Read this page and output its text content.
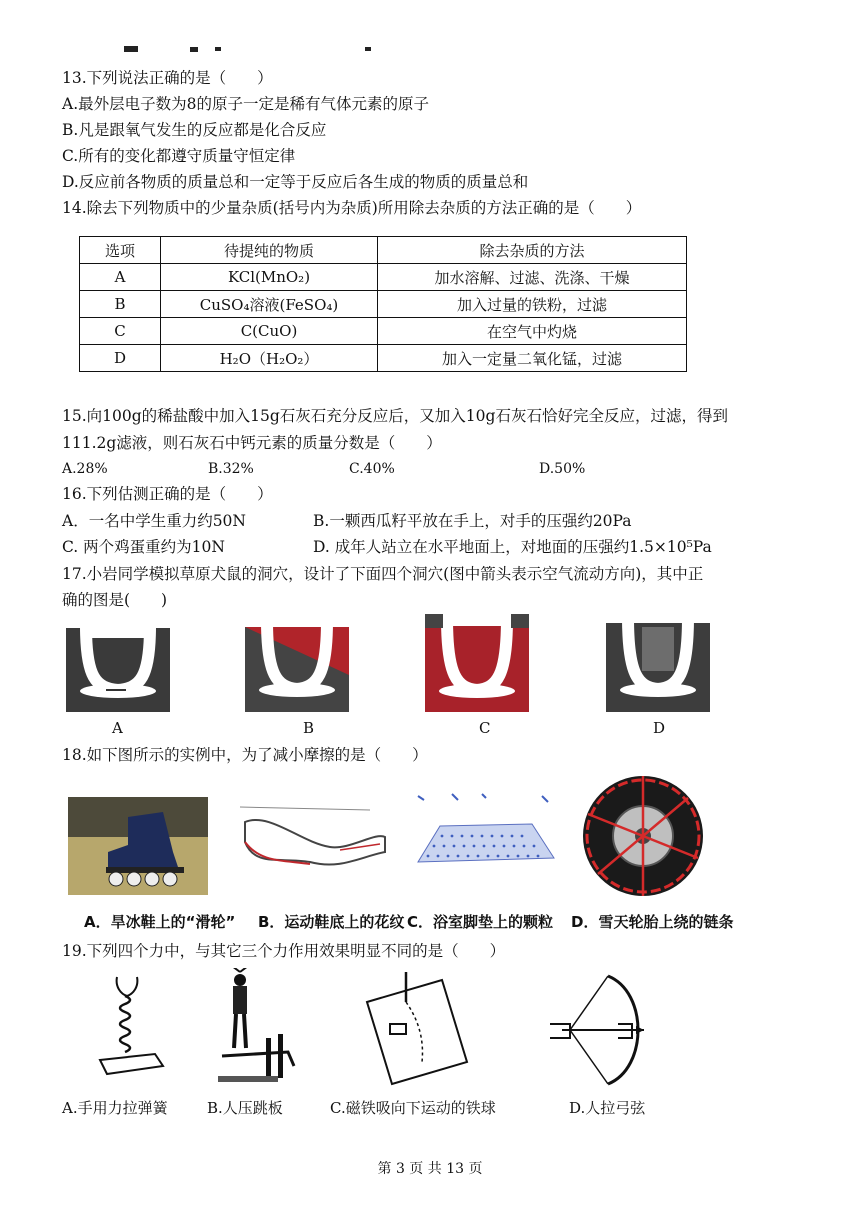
13.下列说法正确的是（　　）
A.最外层电子数为8的原子一定是稀有气体元素的原子
B.凡是跟氧气发生的反应都是化合反应
C.所有的变化都遵守质量守恒定律
D.反应前各物质的质量总和一定等于反应后各生成的物质的质量总和
14.除去下列物质中的少量杂质(括号内为杂质)所用除去杂质的方法正确的是（　　）
选项	待提纯的物质	除去杂质的方法
A	KCl(MnO₂)	加水溶解、过滤、洗涤、干燥
B	CuSO₄溶液(FeSO₄)	加入过量的铁粉，过滤
C	C(CuO)	在空气中灼烧
D	H₂O（H₂O₂）	加入一定量二氧化锰，过滤
15.向100g的稀盐酸中加入15g石灰石充分反应后，又加入10g石灰石恰好完全反应，过滤，得到
111.2g滤液，则石灰石中钙元素的质量分数是（　　）
A.28%	B.32%	C.40%	D.50%
16.下列估测正确的是（　　）
A．一名中学生重力约50N	B.一颗西瓜籽平放在手上，对手的压强约20Pa
C. 两个鸡蛋重约为10N	D. 成年人站立在水平地面上，对地面的压强约1.5×10⁵Pa
17.小岩同学模拟草原犬鼠的洞穴，设计了下面四个洞穴(图中箭头表示空气流动方向)，其中正
确的图是(　　)
A	B	C	D
18.如下图所示的实例中，为了减小摩擦的是（　　）
A．旱冰鞋上的“滑轮” B．运动鞋底上的花纹 C．浴室脚垫上的颗粒 D．雪天轮胎上绕的链条
19.下列四个力中，与其它三个力作用效果明显不同的是（　　）
A.手用力拉弹簧	B.人压跳板	C.磁铁吸向下运动的铁球	D.人拉弓弦
第 3 页 共 13 页
